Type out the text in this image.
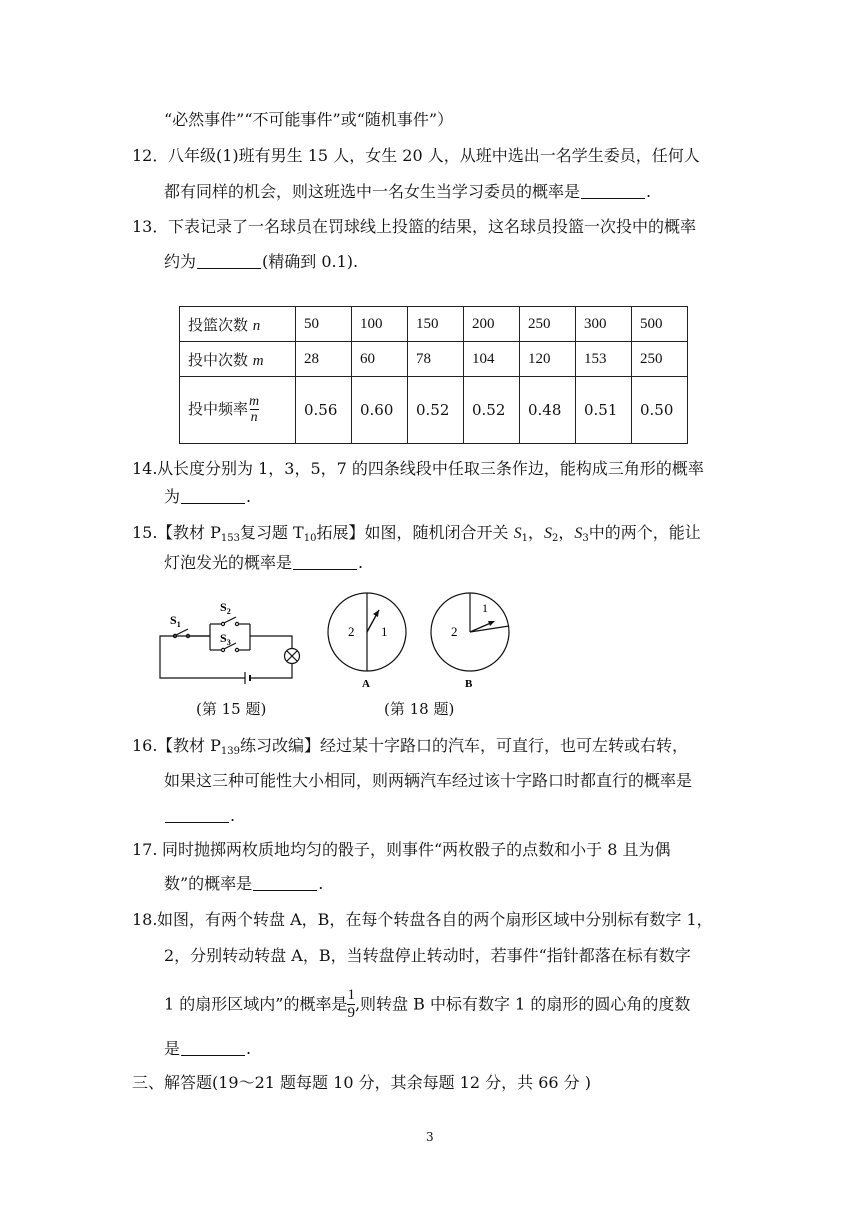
“必然事件”“不可能事件”或“随机事件”）
12． 八年级(1)班有男生 15 人，女生 20 人，从班中选出一名学生委员，任何人
都有同样的机会，则这班选中一名女生当学习委员的概率是	.
13． 下表记录了一名球员在罚球线上投篮的结果，这名球员投篮一次投中的概率
约为	(精确到 0.1).
投篮次数 n	50	100	150	200	250	300	500
投中次数 m	28	60	78	104	120	153	250
投中频率 $\frac{m}{n}$	0.56	0.60	0.52	0.52	0.48	0.51	0.50
14. 从长度分别为 1，3，5，7 的四条线段中任取三条作边，能构成三角形的概率
为	.
15. 【教材 $P_{153}$复习题 $T_{10}$拓展】如图，随机闭合开关 $S_1$，$S_2$，$S_3$中的两个，能让
灯泡发光的概率是	.
$S_1$
$S_2$
$S_3$
2 1
A
2
1
B
(第 15 题)	(第 18 题)
16. 【教材 $P_{139}$练习改编】经过某十字路口的汽车，可直行，也可左转或右转，
如果这三种可能性大小相同，则两辆汽车经过该十字路口时都直行的概率是
.
17. 同时抛掷两枚质地均匀的骰子，则事件“两枚骰子的点数和小于 8 且为偶
数”的概率是	.
18. 如图，有两个转盘 A，B，在每个转盘各自的两个扇形区域中分别标有数字 1，
2，分别转动转盘 A，B，当转盘停止转动时，若事件“指针都落在标有数字
1 的扇形区域内”的概率是 $\frac{1}{9}$ ,则转盘 B 中标有数字 1 的扇形的圆心角的度数
是	.
三、解答题(19～21 题每题 10 分，其余每题 12 分，共 66 分 )
3
